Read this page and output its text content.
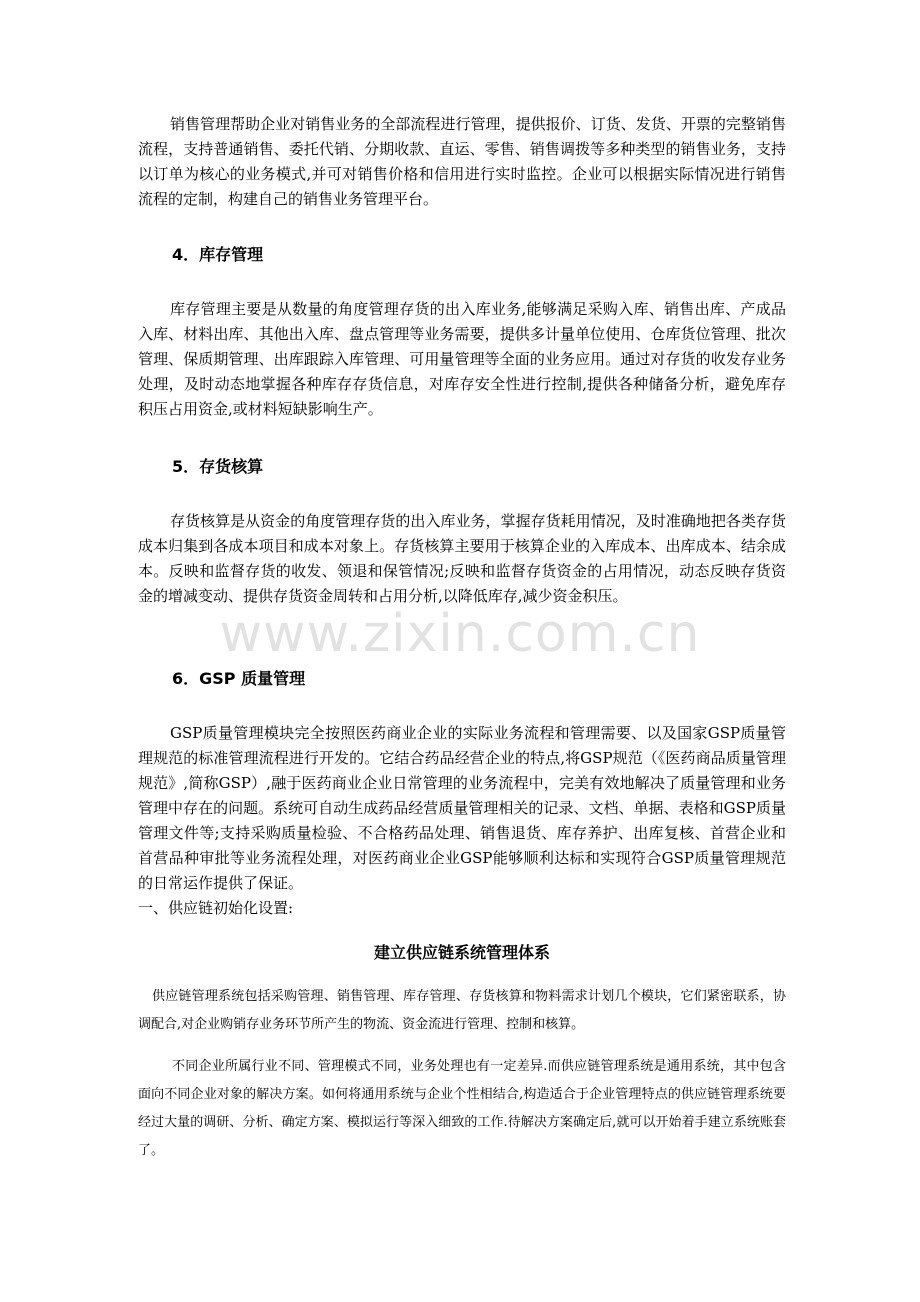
销售管理帮助企业对销售业务的全部流程进行管理，提供报价、订货、发货、开票的完整销售流程，支持普通销售、委托代销、分期收款、直运、零售、销售调拨等多种类型的销售业务，支持以订单为核心的业务模式,并可对销售价格和信用进行实时监控。企业可以根据实际情况进行销售流程的定制，构建自己的销售业务管理平台。

4．库存管理

库存管理主要是从数量的角度管理存货的出入库业务,能够满足采购入库、销售出库、产成品入库、材料出库、其他出入库、盘点管理等业务需要，提供多计量单位使用、仓库货位管理、批次管理、保质期管理、出库跟踪入库管理、可用量管理等全面的业务应用。通过对存货的收发存业务处理，及时动态地掌握各种库存存货信息，对库存安全性进行控制,提供各种储备分析，避免库存积压占用资金,或材料短缺影响生产。

5．存货核算

存货核算是从资金的角度管理存货的出入库业务，掌握存货耗用情况，及时准确地把各类存货成本归集到各成本项目和成本对象上。存货核算主要用于核算企业的入库成本、出库成本、结余成本。反映和监督存货的收发、领退和保管情况;反映和监督存货资金的占用情况，动态反映存货资金的增减变动、提供存货资金周转和占用分析,以降低库存,减少资金积压。

www.zixin.com.cn
6．GSP 质量管理

GSP质量管理模块完全按照医药商业企业的实际业务流程和管理需要、以及国家GSP质量管理规范的标准管理流程进行开发的。它结合药品经营企业的特点,将GSP规范（《医药商品质量管理规范》,简称GSP）,融于医药商业企业日常管理的业务流程中，完美有效地解决了质量管理和业务管理中存在的问题。系统可自动生成药品经营质量管理相关的记录、文档、单据、表格和GSP质量管理文件等;支持采购质量检验、不合格药品处理、销售退货、库存养护、出库复核、首营企业和首营品种审批等业务流程处理，对医药商业企业GSP能够顺利达标和实现符合GSP质量管理规范的日常运作提供了保证。

一、供应链初始化设置:

建立供应链系统管理体系

供应链管理系统包括采购管理、销售管理、库存管理、存货核算和物料需求计划几个模块，它们紧密联系，协调配合,对企业购销存业务环节所产生的物流、资金流进行管理、控制和核算。

不同企业所属行业不同、管理模式不同，业务处理也有一定差异.而供应链管理系统是通用系统，其中包含面向不同企业对象的解决方案。如何将通用系统与企业个性相结合,构造适合于企业管理特点的供应链管理系统要经过大量的调研、分析、确定方案、模拟运行等深入细致的工作.待解决方案确定后,就可以开始着手建立系统账套了。
